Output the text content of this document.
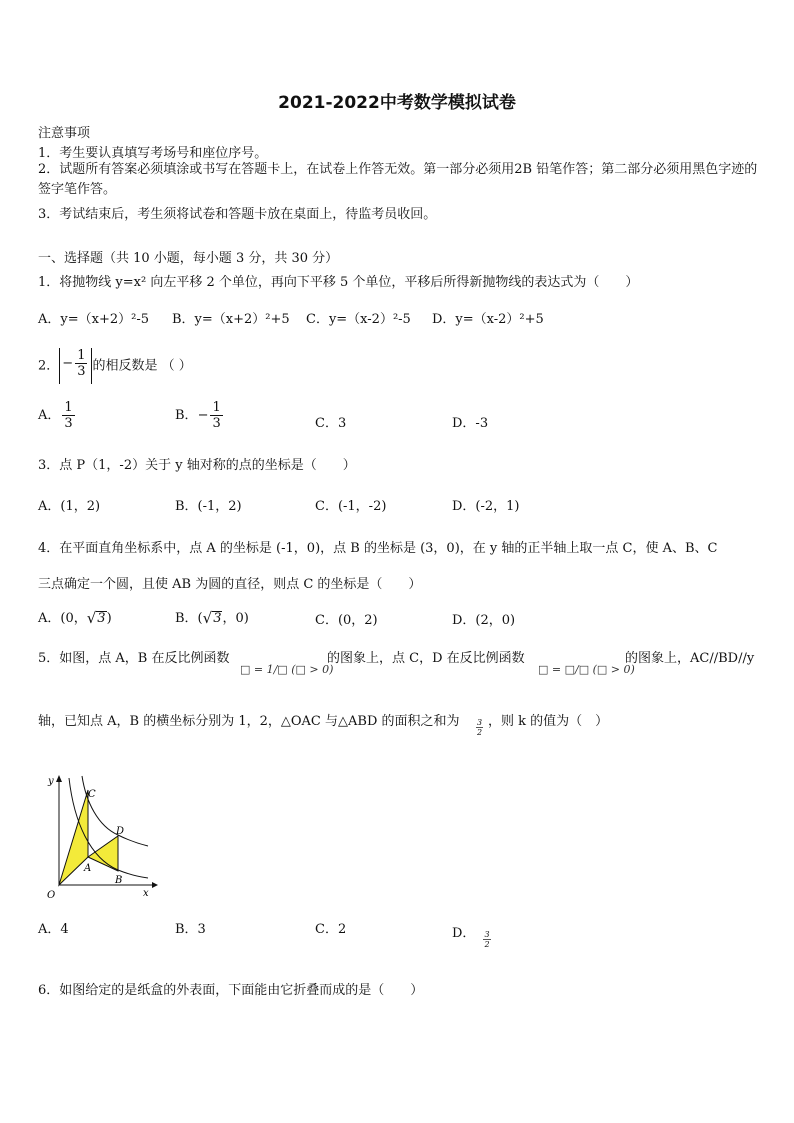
2021-2022中考数学模拟试卷
注意事项
1．考生要认真填写考场号和座位序号。
2．试题所有答案必须填涂或书写在答题卡上，在试卷上作答无效。第一部分必须用2B 铅笔作答；第二部分必须用黑色字迹的签字笔作答。
3．考试结束后，考生须将试卷和答题卡放在桌面上，待监考员收回。
一、选择题（共 10 小题，每小题 3 分，共 30 分）
1．将抛物线 y=x² 向左平移 2 个单位，再向下平移 5 个单位，平移后所得新抛物线的表达式为（　　）
A．y=（x+2）²-5 B．y=（x+2）²+5 C．y=（x-2）²-5 D．y=（x-2）²+5
2． − $\frac{1}{3}$ 的相反数是 （ ）
A． $\frac{1}{3}$	B．− $\frac{1}{3}$	C．3	D．-3
3．点 P（1，-2）关于 y 轴对称的点的坐标是（　　）
A．(1，2)	B．(-1，2)	C．(-1，-2)	D．(-2，1)
4．在平面直角坐标系中，点 A 的坐标是 (-1，0)，点 B 的坐标是 (3，0)，在 y 轴的正半轴上取一点 C，使 A、B、C
三点确定一个圆，且使 AB 为圆的直径，则点 C 的坐标是（　　）
A．(0， √ 3 )	B．( √ 3 ，0)	C．(0，2)	D．(2，0)
5．如图，点 A，B 在反比例函数
□ = 1/□ (□ > 0)
的图象上，点 C，D 在反比例函数
□ = □/□ (□ > 0)
的图象上，AC//BD//y
轴，已知点 A，B 的横坐标分别为 1，2，△OAC 与△ABD 的面积之和为 $\frac{3}{2}$ ，则 k 的值为（　）
y
x
O
A
B
C
D
A．4	B．3	C．2	D． $\frac{3}{2}$
6．如图给定的是纸盒的外表面，下面能由它折叠而成的是（　　）
